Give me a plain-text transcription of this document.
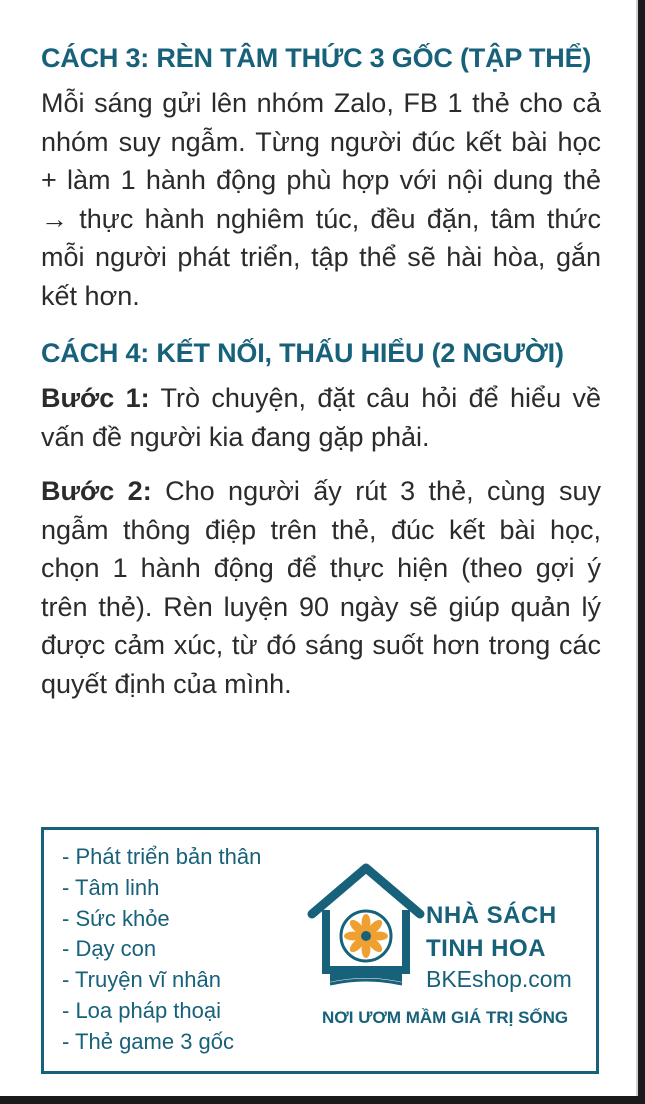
CÁCH 3: RÈN TÂM THỨC 3 GỐC (TẬP THỂ)

Mỗi sáng gửi lên nhóm Zalo, FB 1 thẻ cho cả nhóm suy ngẫm. Từng người đúc kết bài học + làm 1 hành động phù hợp với nội dung thẻ → thực hành nghiêm túc, đều đặn, tâm thức mỗi người phát triển, tập thể sẽ hài hòa, gắn kết hơn.

CÁCH 4: KẾT NỐI, THẤU HIỂU (2 NGƯỜI)

Bước 1: Trò chuyện, đặt câu hỏi để hiểu về vấn đề người kia đang gặp phải.

Bước 2: Cho người ấy rút 3 thẻ, cùng suy ngẫm thông điệp trên thẻ, đúc kết bài học, chọn 1 hành động để thực hiện (theo gợi ý trên thẻ). Rèn luyện 90 ngày sẽ giúp quản lý được cảm xúc, từ đó sáng suốt hơn trong các quyết định của mình.

- Phát triển bản thân
- Tâm linh
- Sức khỏe
- Dạy con
- Truyện vĩ nhân
- Loa pháp thoại
- Thẻ game 3 gốc
NHÀ SÁCH
TINH HOA
BKEshop.com
NƠI ƯƠM MẦM GIÁ TRỊ SỐNG
